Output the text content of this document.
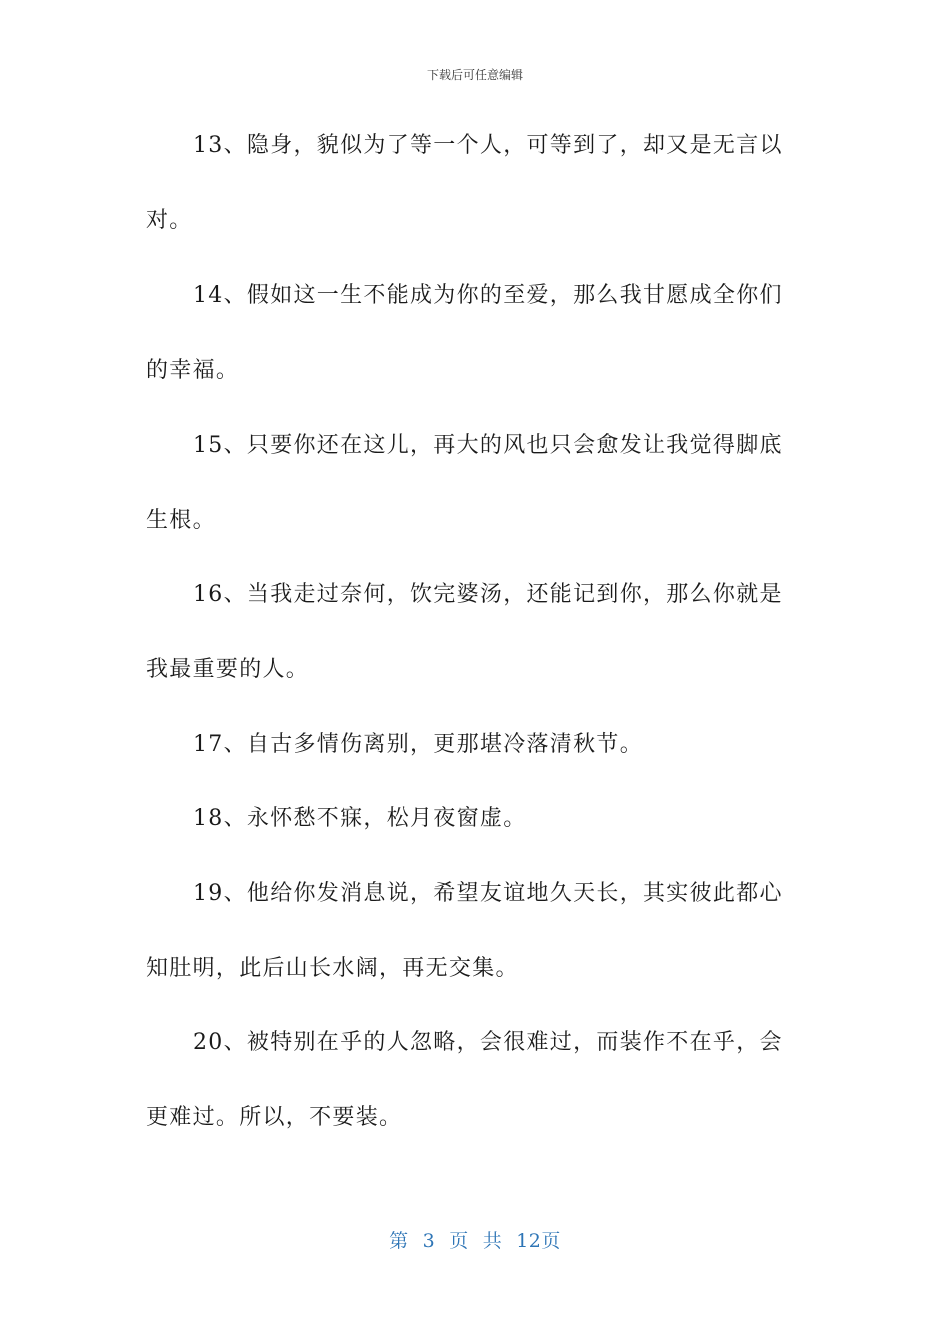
下载后可任意编辑
13、隐身，貌似为了等一个人，可等到了，却又是无言以
对。
14、假如这一生不能成为你的至爱，那么我甘愿成全你们
的幸福。
15、只要你还在这儿，再大的风也只会愈发让我觉得脚底
生根。
16、当我走过奈何，饮完婆汤，还能记到你，那么你就是
我最重要的人。
17、自古多情伤离别，更那堪冷落清秋节。
18、永怀愁不寐，松月夜窗虚。
19、他给你发消息说，希望友谊地久天长，其实彼此都心
知肚明，此后山长水阔，再无交集。
20、被特别在乎的人忽略，会很难过，而装作不在乎，会
更难过。所以，不要装。
第 3 页 共 12页
